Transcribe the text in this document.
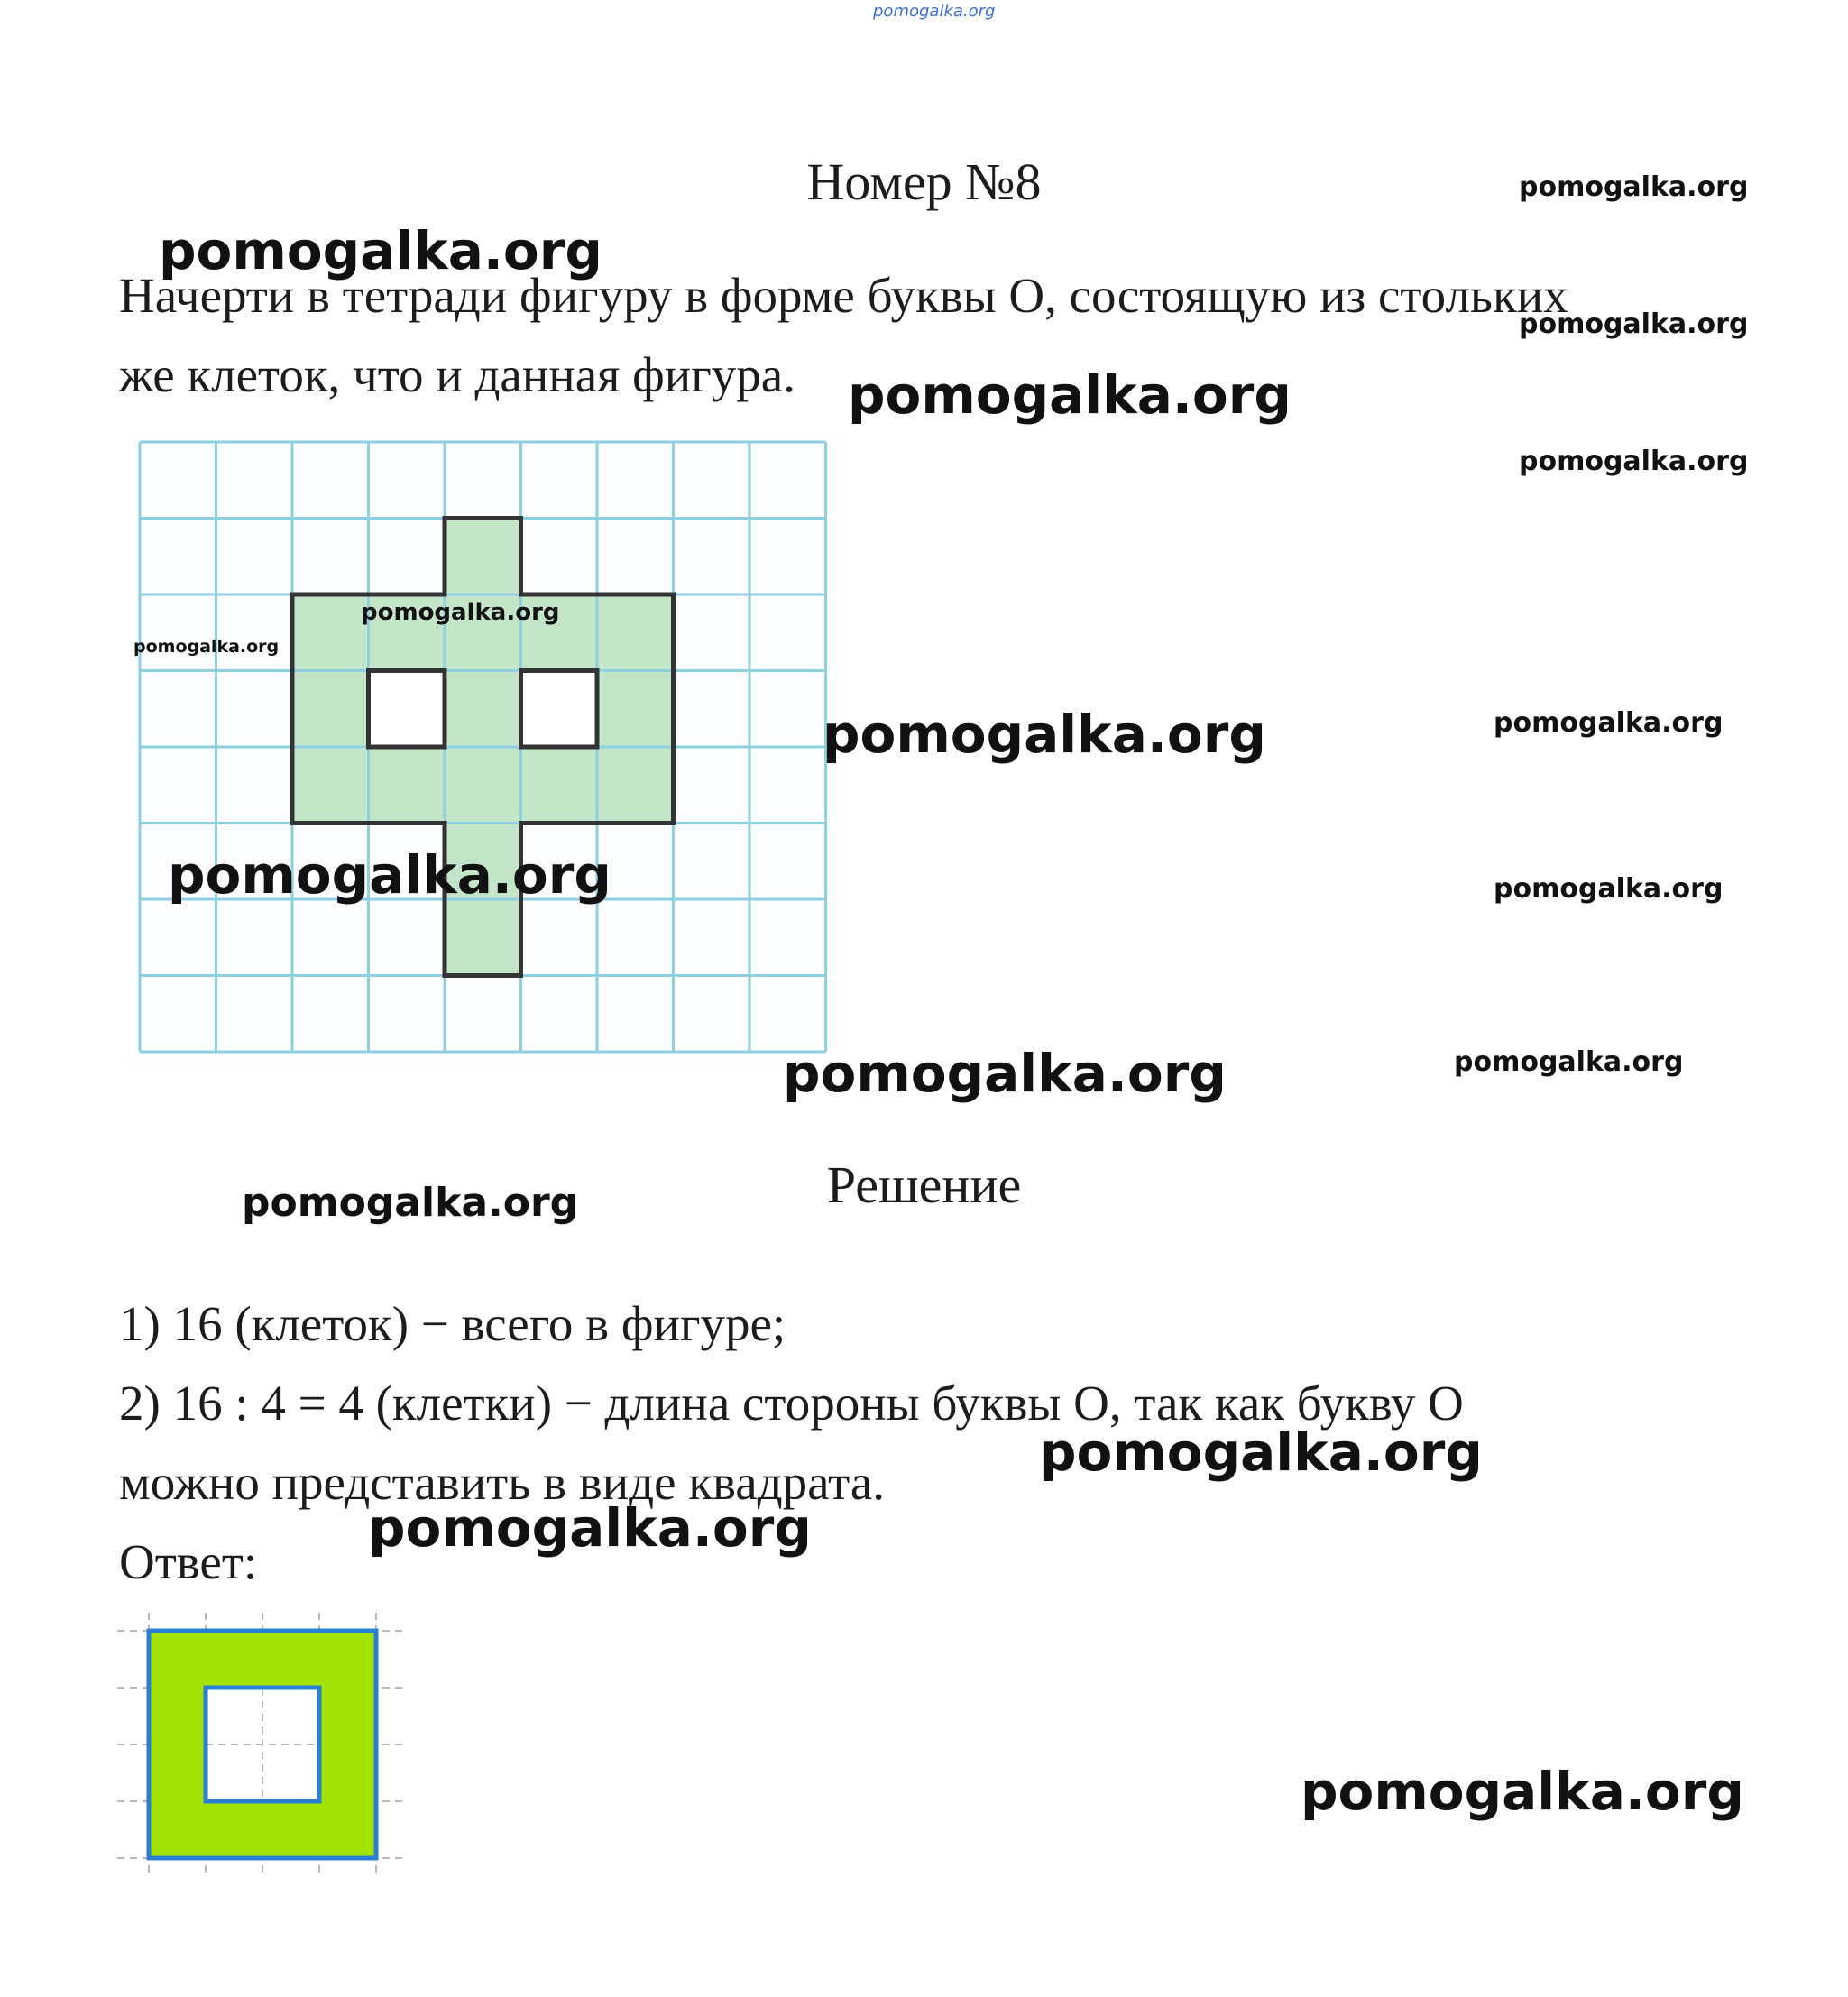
pomogalka.org
Номер №8
Начерти в тетради фигуру в форме буквы О, состоящую из стольких
же клеток, что и данная фигура.
Решение
1) 16 (клеток) − всего в фигуре;
2) 16 : 4 = 4 (клетки) − длина стороны буквы О, так как букву О
можно представить в виде квадрата.
Ответ:
pomogalka.org
pomogalka.org
pomogalka.org
pomogalka.org
pomogalka.org
pomogalka.org
pomogalka.org
pomogalka.org	pomogalka.org
pomogalka.org	pomogalka.org
pomogalka.org	pomogalka.org
pomogalka.org
pomogalka.org
pomogalka.org
pomogalka.org
